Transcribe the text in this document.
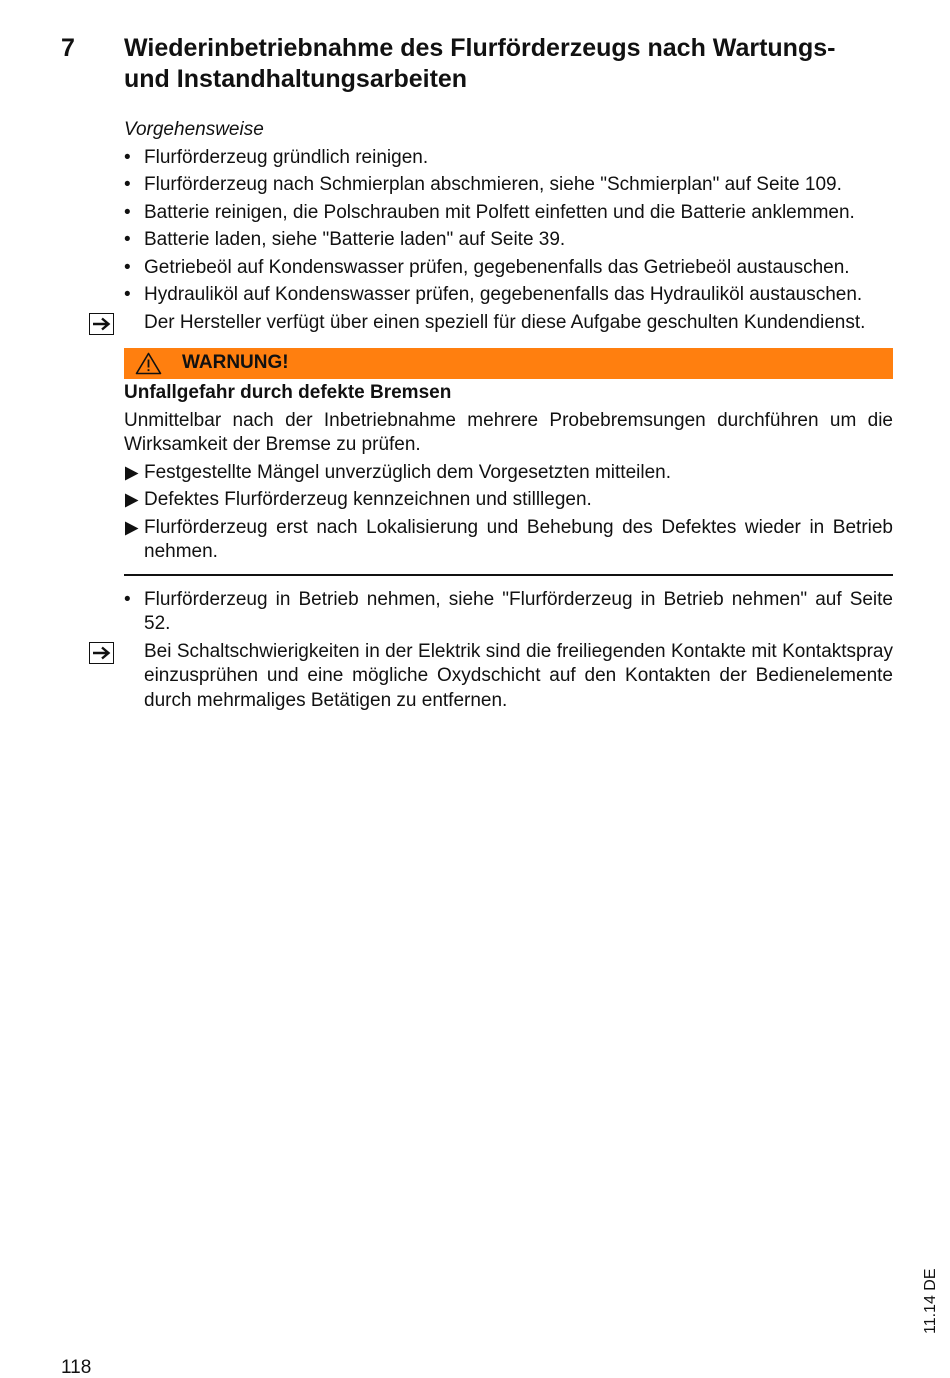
7 Wiederinbetriebnahme des Flurförderzeugs nach Wartungs- und Instandhaltungsarbeiten
Vorgehensweise
• Flurförderzeug gründlich reinigen.
• Flurförderzeug nach Schmierplan abschmieren, siehe "Schmierplan" auf Seite 109.
• Batterie reinigen, die Polschrauben mit Polfett einfetten und die Batterie anklemmen.
• Batterie laden, siehe "Batterie laden" auf Seite 39.
• Getriebeöl auf Kondenswasser prüfen, gegebenenfalls das Getriebeöl austauschen.
• Hydrauliköl auf Kondenswasser prüfen, gegebenenfalls das Hydrauliköl austauschen.
Der Hersteller verfügt über einen speziell für diese Aufgabe geschulten Kundendienst.
WARNUNG!
Unfallgefahr durch defekte Bremsen
Unmittelbar nach der Inbetriebnahme mehrere Probebremsungen durchführen um die Wirksamkeit der Bremse zu prüfen.
Festgestellte Mängel unverzüglich dem Vorgesetzten mitteilen.
Defektes Flurförderzeug kennzeichnen und stilllegen.
Flurförderzeug erst nach Lokalisierung und Behebung des Defektes wieder in Betrieb nehmen.
• Flurförderzeug in Betrieb nehmen, siehe "Flurförderzeug in Betrieb nehmen" auf Seite 52.
Bei Schaltschwierigkeiten in der Elektrik sind die freiliegenden Kontakte mit Kontaktspray einzusprühen und eine mögliche Oxydschicht auf den Kontakten der Bedienelemente durch mehrmaliges Betätigen zu entfernen.
118
11.14 DE
